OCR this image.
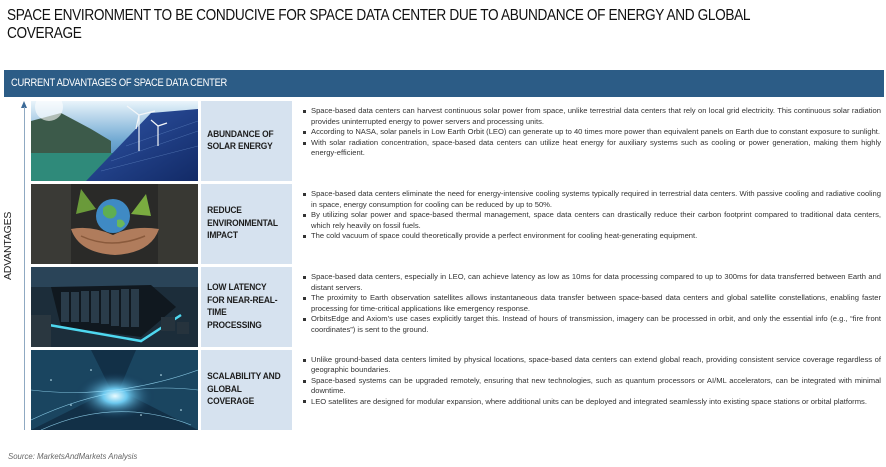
SPACE ENVIRONMENT TO BE CONDUCIVE FOR SPACE DATA CENTER DUE TO ABUNDANCE OF ENERGY AND GLOBAL COVERAGE
CURRENT ADVANTAGES OF SPACE DATA CENTER
ADVANTAGES
ABUNDANCE OF SOLAR ENERGY
Space-based data centers can harvest continuous solar power from space, unlike terrestrial data centers that rely on local grid electricity. This continuous solar radiation provides uninterrupted energy to power servers and processing units.
According to NASA, solar panels in Low Earth Orbit (LEO) can generate up to 40 times more power than equivalent panels on Earth due to constant exposure to sunlight.
With solar radiation concentration, space-based data centers can utilize heat energy for auxiliary systems such as cooling or power generation, making them highly energy-efficient.
REDUCE ENVIRONMENTAL IMPACT
Space-based data centers eliminate the need for energy-intensive cooling systems typically required in terrestrial data centers. With passive cooling and radiative cooling in space, energy consumption for cooling can be reduced by up to 50%.
By utilizing solar power and space-based thermal management, space data centers can drastically reduce their carbon footprint compared to traditional data centers, which rely heavily on fossil fuels.
The cold vacuum of space could theoretically provide a perfect environment for cooling heat-generating equipment.
LOW LATENCY FOR NEAR-REAL-TIME PROCESSING
Space-based data centers, especially in LEO, can achieve latency as low as 10ms for data processing compared to up to 300ms for data transferred between Earth and distant servers.
The proximity to Earth observation satellites allows instantaneous data transfer between space-based data centers and global satellite constellations, enabling faster processing for time-critical applications like emergency response.
OrbitsEdge and Axiom’s use cases explicitly target this. Instead of hours of transmission, imagery can be processed in orbit, and only the essential info (e.g., “fire front coordinates”) is sent to the ground.
SCALABILITY AND GLOBAL COVERAGE
Unlike ground-based data centers limited by physical locations, space-based data centers can extend global reach, providing consistent service coverage regardless of geographic boundaries.
Space-based systems can be upgraded remotely, ensuring that new technologies, such as quantum processors or AI/ML accelerators, can be integrated with minimal downtime.
LEO satellites are designed for modular expansion, where additional units can be deployed and integrated seamlessly into existing space stations or orbital platforms.
Source: MarketsAndMarkets Analysis
